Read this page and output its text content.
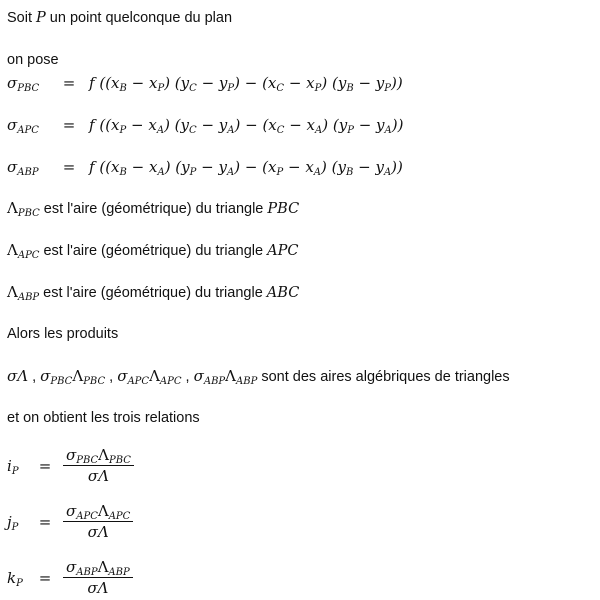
Soit P un point quelconque du plan
on pose
$\sigma_{PBC} = f$ $((x_B - x_P) (y_C - y_P) - (x_C - x_P) (y_B - y_P))$
$\sigma_{APC} = f$ $((x_P - x_A) (y_C - y_A) - (x_C - x_A) (y_P - y_A))$
$\sigma_{ABP} = f$ $((x_B - x_A) (y_P - y_A) - (x_P - x_A) (y_B - y_A))$
$\Lambda_{PBC}$ est l'aire (géométrique) du triangle PBC
$\Lambda_{APC}$ est l'aire (géométrique) du triangle APC
$\Lambda_{ABP}$ est l'aire (géométrique) du triangle ABC
Alors les produits
σΛ , $\sigma_{PBC}\Lambda_{PBC}$ , $\sigma_{APC}\Lambda_{APC}$ , $\sigma_{ABP}\Lambda_{ABP}$ sont des aires algébriques de triangles
et on obtient les trois relations
$i_P$	= $\frac{\sigma_{PBC}\Lambda_{PBC}}{\sigma\Lambda}$
$j_P$	= $\frac{\sigma_{APC}\Lambda_{APC}}{\sigma\Lambda}$
$k_P$	= $\frac{\sigma_{ABP}\Lambda_{ABP}}{\sigma\Lambda}$
